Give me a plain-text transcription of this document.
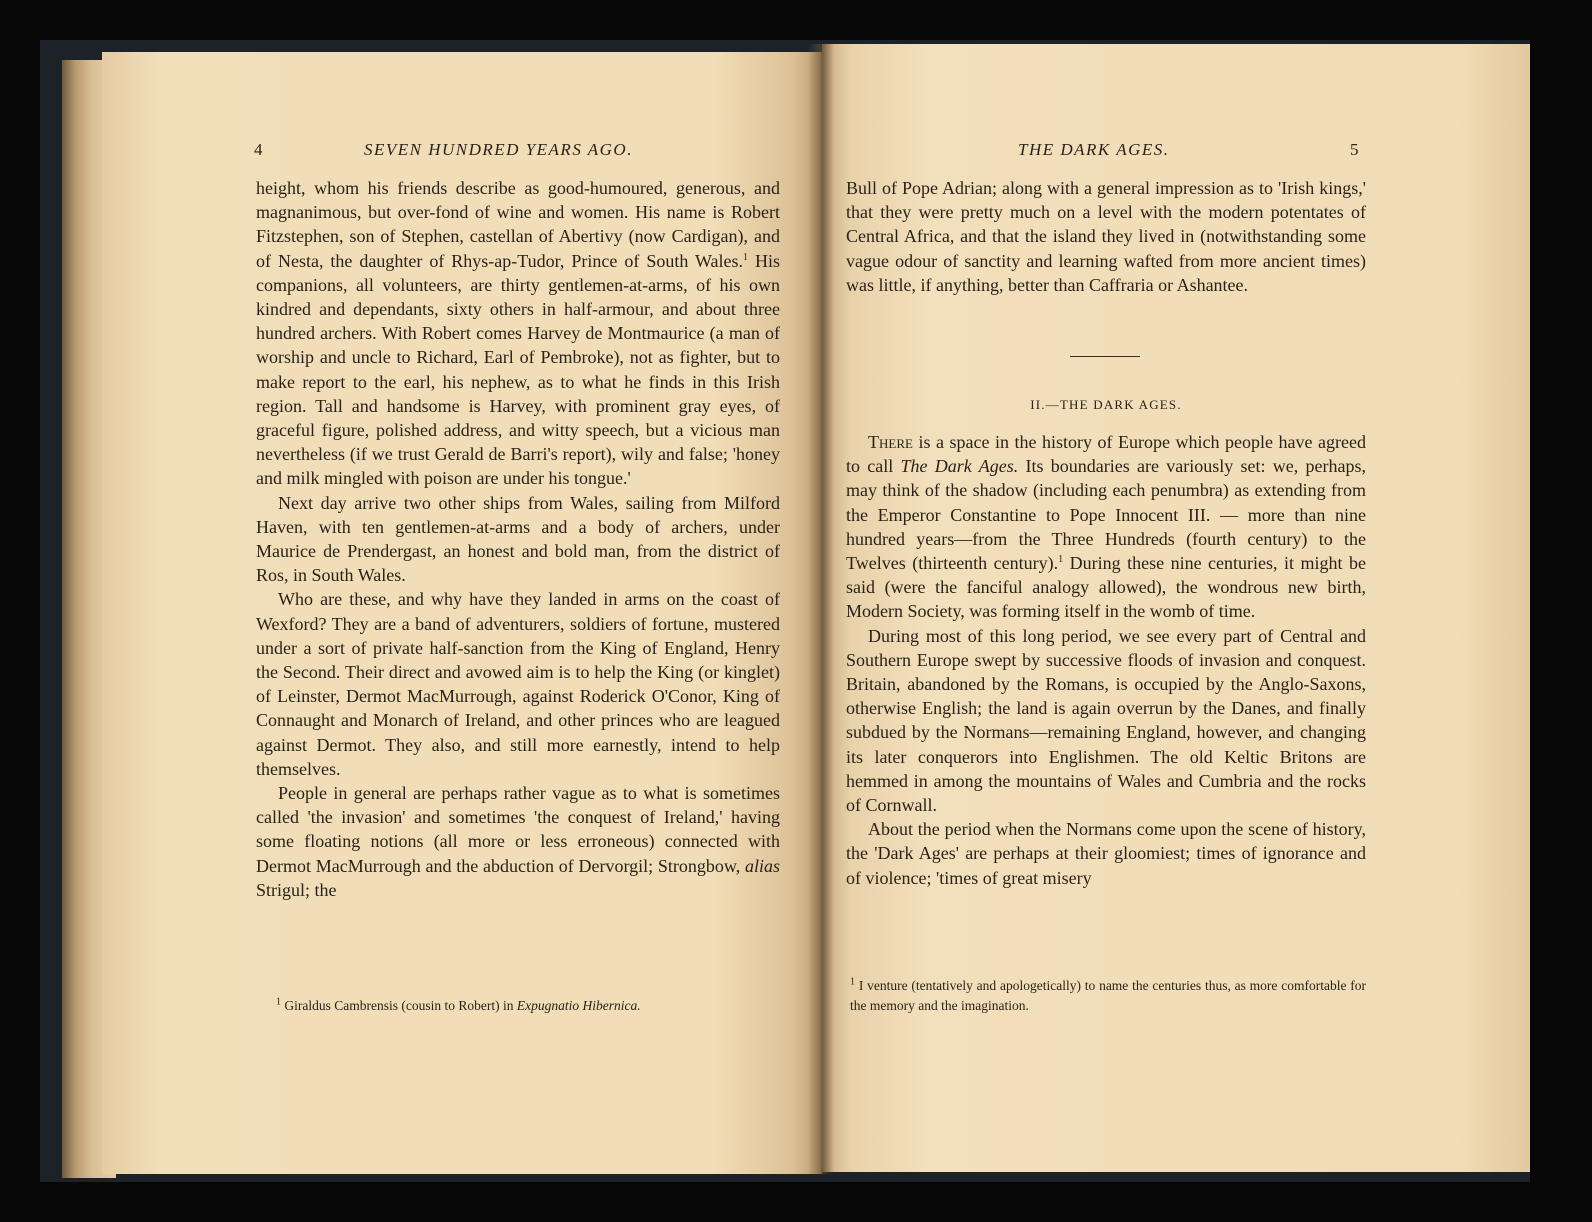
4	SEVEN HUNDRED YEARS AGO.

height, whom his friends describe as good-humoured, generous, and magnanimous, but over-fond of wine and women. His name is Robert Fitzstephen, son of Stephen, castellan of Abertivy (now Cardigan), and of Nesta, the daughter of Rhys-ap-Tudor, Prince of South Wales.$^1$ His companions, all volunteers, are thirty gentlemen-at-arms, of his own kindred and dependants, sixty others in half-armour, and about three hundred archers. With Robert comes Harvey de Montmaurice (a man of worship and uncle to Richard, Earl of Pembroke), not as fighter, but to make report to the earl, his nephew, as to what he finds in this Irish region. Tall and handsome is Harvey, with prominent gray eyes, of graceful figure, polished address, and witty speech, but a vicious man nevertheless (if we trust Gerald de Barri's report), wily and false; 'honey and milk mingled with poison are under his tongue.'

Next day arrive two other ships from Wales, sailing from Milford Haven, with ten gentlemen-at-arms and a body of archers, under Maurice de Prendergast, an honest and bold man, from the district of Ros, in South Wales.

Who are these, and why have they landed in arms on the coast of Wexford? They are a band of adventurers, soldiers of fortune, mustered under a sort of private half-sanction from the King of England, Henry the Second. Their direct and avowed aim is to help the King (or kinglet) of Leinster, Dermot MacMurrough, against Roderick O'Conor, King of Connaught and Monarch of Ireland, and other princes who are leagued against Dermot. They also, and still more earnestly, intend to help themselves.

People in general are perhaps rather vague as to what is sometimes called 'the invasion' and sometimes 'the conquest of Ireland,' having some floating notions (all more or less erroneous) connected with Dermot MacMurrough and the abduction of Dervorgil; Strongbow, alias Strigul; the

$^1$ Giraldus Cambrensis (cousin to Robert) in Expugnatio Hibernica.

THE DARK AGES.	5

Bull of Pope Adrian; along with a general impression as to 'Irish kings,' that they were pretty much on a level with the modern potentates of Central Africa, and that the island they lived in (notwithstanding some vague odour of sanctity and learning wafted from more ancient times) was little, if anything, better than Caffraria or Ashantee.

II.—THE DARK AGES.

There is a space in the history of Europe which people have agreed to call The Dark Ages. Its boundaries are variously set: we, perhaps, may think of the shadow (including each penumbra) as extending from the Emperor Constantine to Pope Innocent III. — more than nine hundred years—from the Three Hundreds (fourth century) to the Twelves (thirteenth century).$^1$ During these nine centuries, it might be said (were the fanciful analogy allowed), the wondrous new birth, Modern Society, was forming itself in the womb of time.

During most of this long period, we see every part of Central and Southern Europe swept by successive floods of invasion and conquest. Britain, abandoned by the Romans, is occupied by the Anglo-Saxons, otherwise English; the land is again overrun by the Danes, and finally subdued by the Normans—remaining England, however, and changing its later conquerors into Englishmen. The old Keltic Britons are hemmed in among the mountains of Wales and Cumbria and the rocks of Cornwall.

About the period when the Normans come upon the scene of history, the 'Dark Ages' are perhaps at their gloomiest; times of ignorance and of violence; 'times of great misery

$^1$ I venture (tentatively and apologetically) to name the centuries thus, as more comfortable for the memory and the imagination.
